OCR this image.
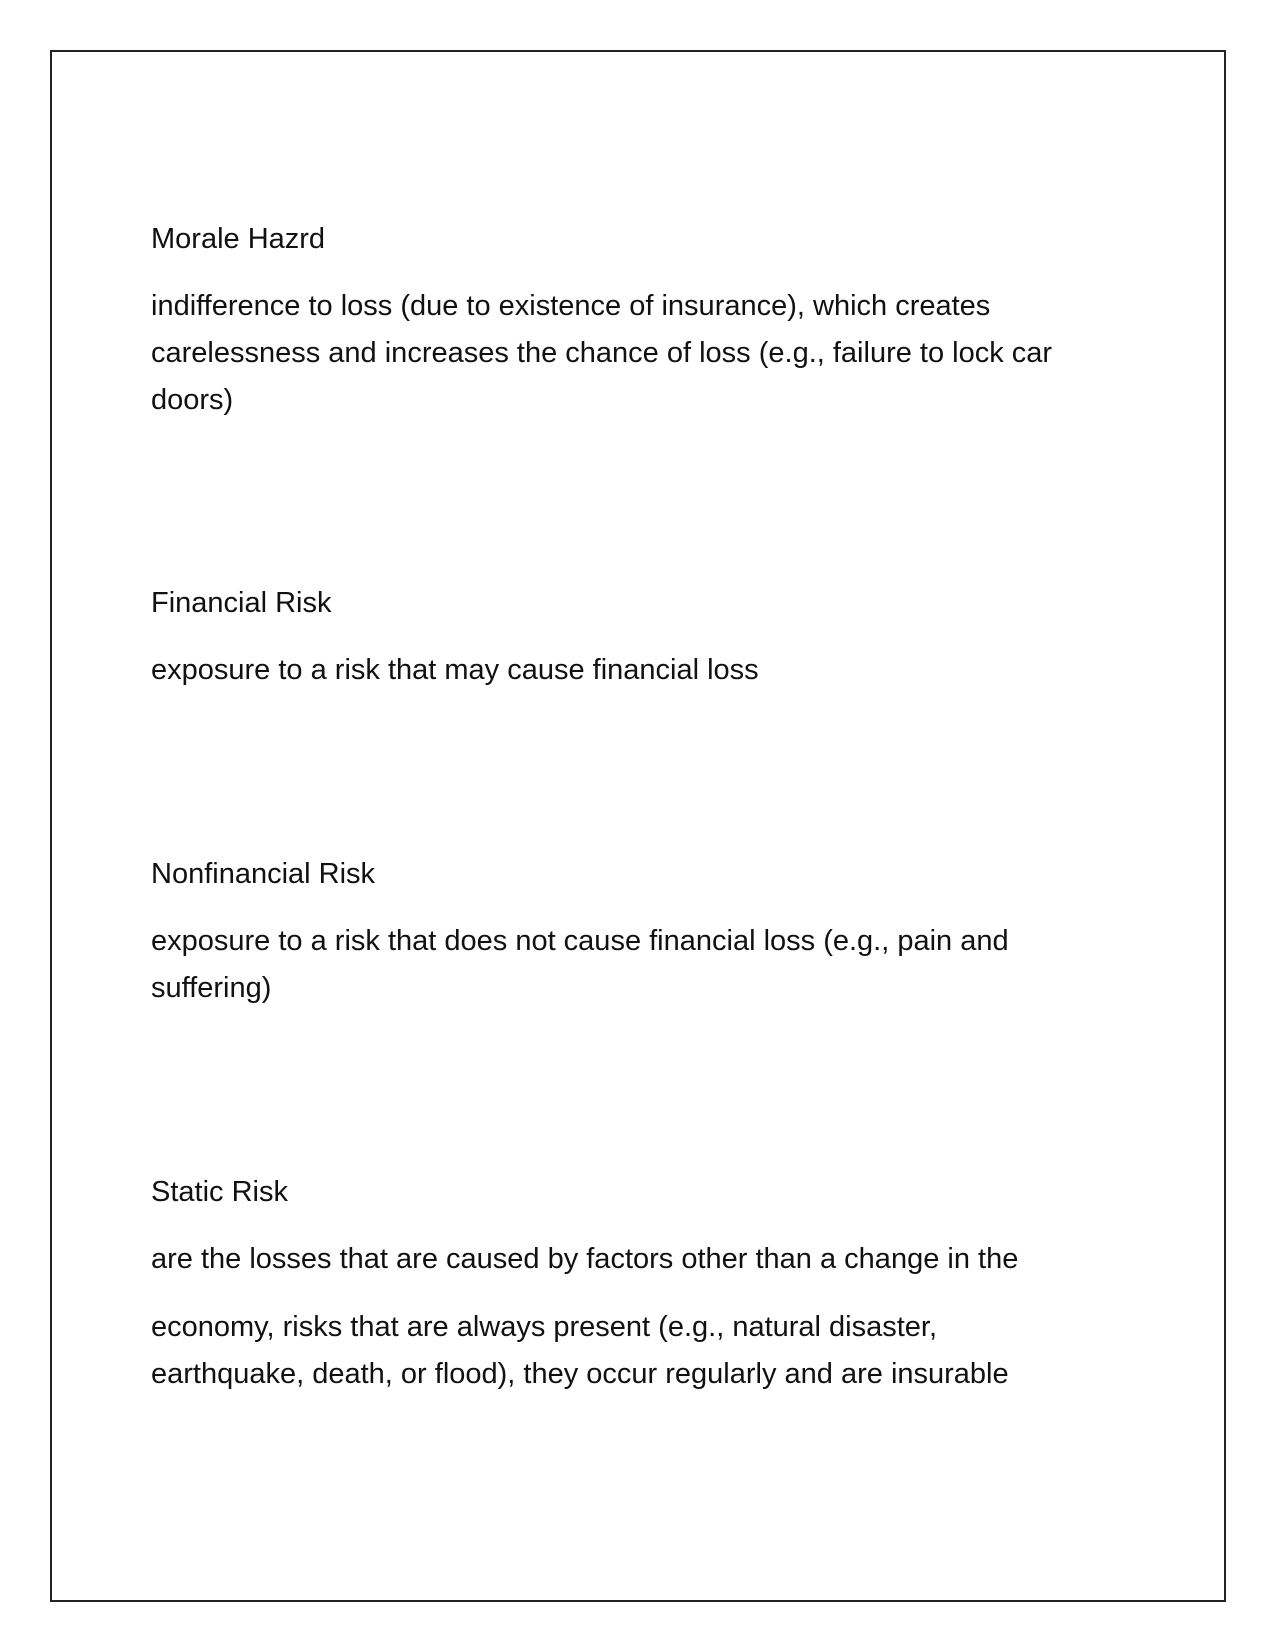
Morale Hazrd

indifference to loss (due to existence of insurance), which creates

carelessness and increases the chance of loss (e.g., failure to lock car

doors)

Financial Risk

exposure to a risk that may cause financial loss

Nonfinancial Risk

exposure to a risk that does not cause financial loss (e.g., pain and

suffering)

Static Risk

are the losses that are caused by factors other than a change in the

economy, risks that are always present (e.g., natural disaster,

earthquake, death, or flood), they occur regularly and are insurable
